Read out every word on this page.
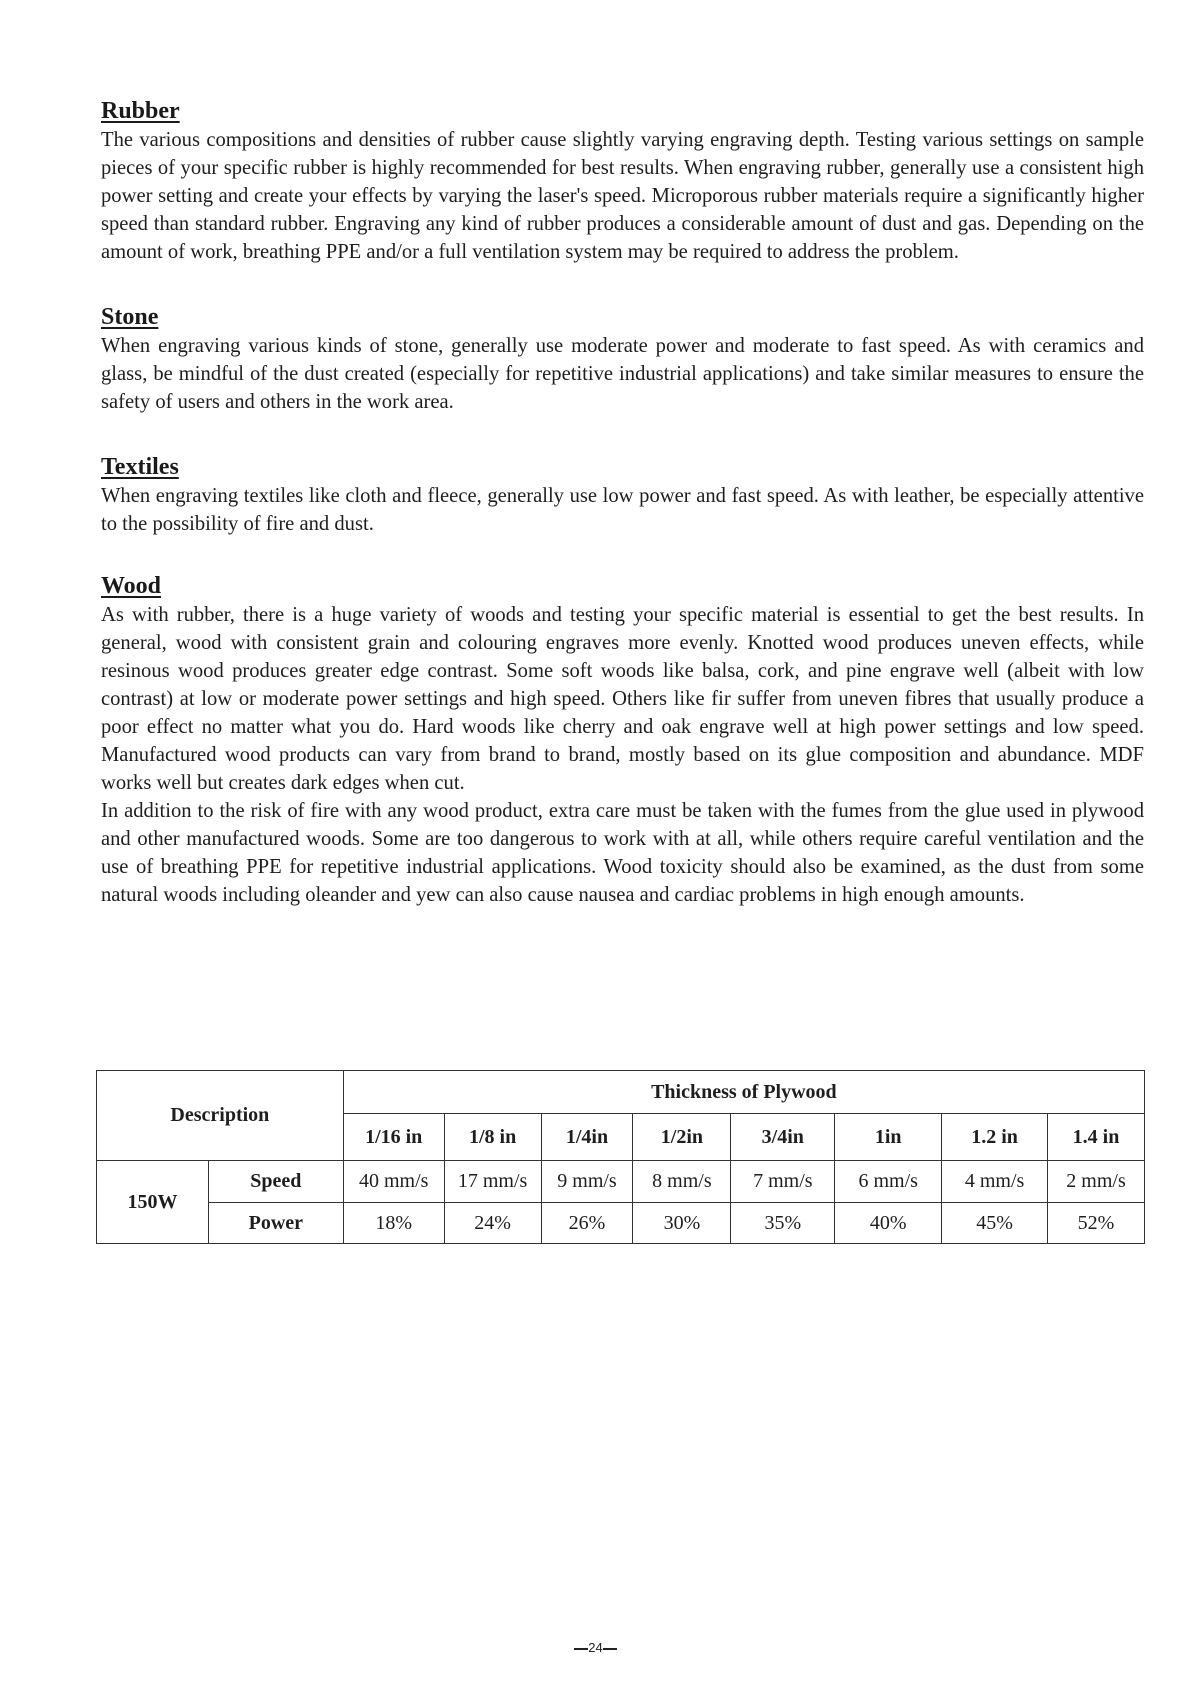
Rubber

The various compositions and densities of rubber cause slightly varying engraving depth. Testing various settings on sample pieces of your specific rubber is highly recommended for best results. When engraving rubber, generally use a consistent high power setting and create your effects by varying the laser's speed. Microporous rubber materials require a significantly higher speed than standard rubber. Engraving any kind of rubber produces a considerable amount of dust and gas. Depending on the amount of work, breathing PPE and/or a full ventilation system may be required to address the problem.

Stone

When engraving various kinds of stone, generally use moderate power and moderate to fast speed. As with ceramics and glass, be mindful of the dust created (especially for repetitive industrial applications) and take similar measures to ensure the safety of users and others in the work area.

Textiles

When engraving textiles like cloth and fleece, generally use low power and fast speed. As with leather, be especially attentive to the possibility of fire and dust.

Wood

As with rubber, there is a huge variety of woods and testing your specific material is essential to get the best results. In general, wood with consistent grain and colouring engraves more evenly. Knotted wood produces uneven effects, while resinous wood produces greater edge contrast. Some soft woods like balsa, cork, and pine engrave well (albeit with low contrast) at low or moderate power settings and high speed. Others like fir suffer from uneven fibres that usually produce a poor effect no matter what you do. Hard woods like cherry and oak engrave well at high power settings and low speed. Manufactured wood products can vary from brand to brand, mostly based on its glue composition and abundance. MDF works well but creates dark edges when cut.

In addition to the risk of fire with any wood product, extra care must be taken with the fumes from the glue used in plywood and other manufactured woods. Some are too dangerous to work with at all, while others require careful ventilation and the use of breathing PPE for repetitive industrial applications. Wood toxicity should also be examined, as the dust from some natural woods including oleander and yew can also cause nausea and cardiac problems in high enough amounts.

Description		Thickness of Plywood							
		1/16 in	1/8 in	1/4in	1/2in	3/4in	1in	1.2 in	1.4 in
150W	Speed	40 mm/s	17 mm/s	9 mm/s	8 mm/s	7 mm/s	6 mm/s	4 mm/s	2 mm/s
	Power	18%	24%	26%	30%	35%	40%	45%	52%
24
